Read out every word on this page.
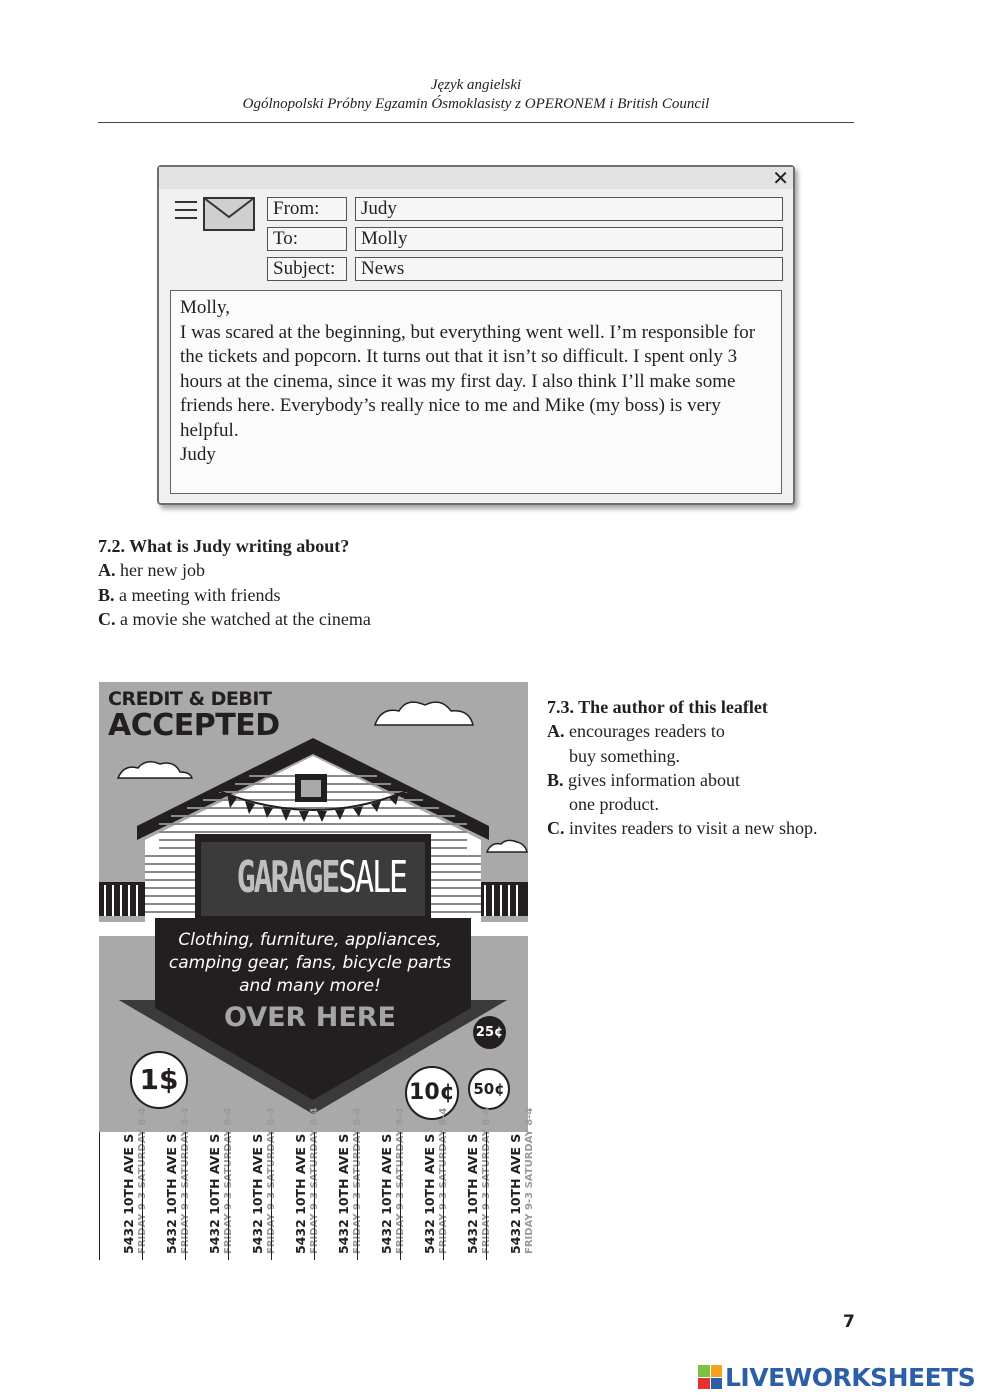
Język angielski
Ogólnopolski Próbny Egzamin Ósmoklasisty z OPERONEM i British Council
✕
From:	Judy
To:	Molly
Subject:	News

Molly,

I was scared at the beginning, but everything went well. I’m responsible for the tickets and popcorn. It turns out that it isn’t so difficult. I spent only 3 hours at the cinema, since it was my first day. I also think I’ll make some friends here. Everybody’s really nice to me and Mike (my boss) is very helpful.

Judy

7.2. What is Judy writing about?
A. her new job
B. a meeting with friends
C. a movie she watched at the cinema
CREDIT & DEBIT
ACCEPTED
GARAGESALE
Clothing, furniture, appliances, camping gear, fans, bicycle parts and many more!
OVER HERE
1$	10¢	50¢
25¢
5432 10TH AVE S FRIDAY 9-3 SATURDAY 8-4 5432 10TH AVE S FRIDAY 9-3 SATURDAY 8-4 5432 10TH AVE S FRIDAY 9-3 SATURDAY 8-4 5432 10TH AVE S FRIDAY 9-3 SATURDAY 8-4 5432 10TH AVE S FRIDAY 9-3 SATURDAY 8-4 5432 10TH AVE S FRIDAY 9-3 SATURDAY 8-4 5432 10TH AVE S FRIDAY 9-3 SATURDAY 8-4 5432 10TH AVE S FRIDAY 9-3 SATURDAY 8-4 5432 10TH AVE S FRIDAY 9-3 SATURDAY 8-4 5432 10TH AVE S FRIDAY 9-3 SATURDAY 8-4
7.3. The author of this leaflet
A. encourages readers to
buy something.
B. gives information about
one product.
C. invites readers to visit a new shop.
7
LIVEWORKSHEETS
